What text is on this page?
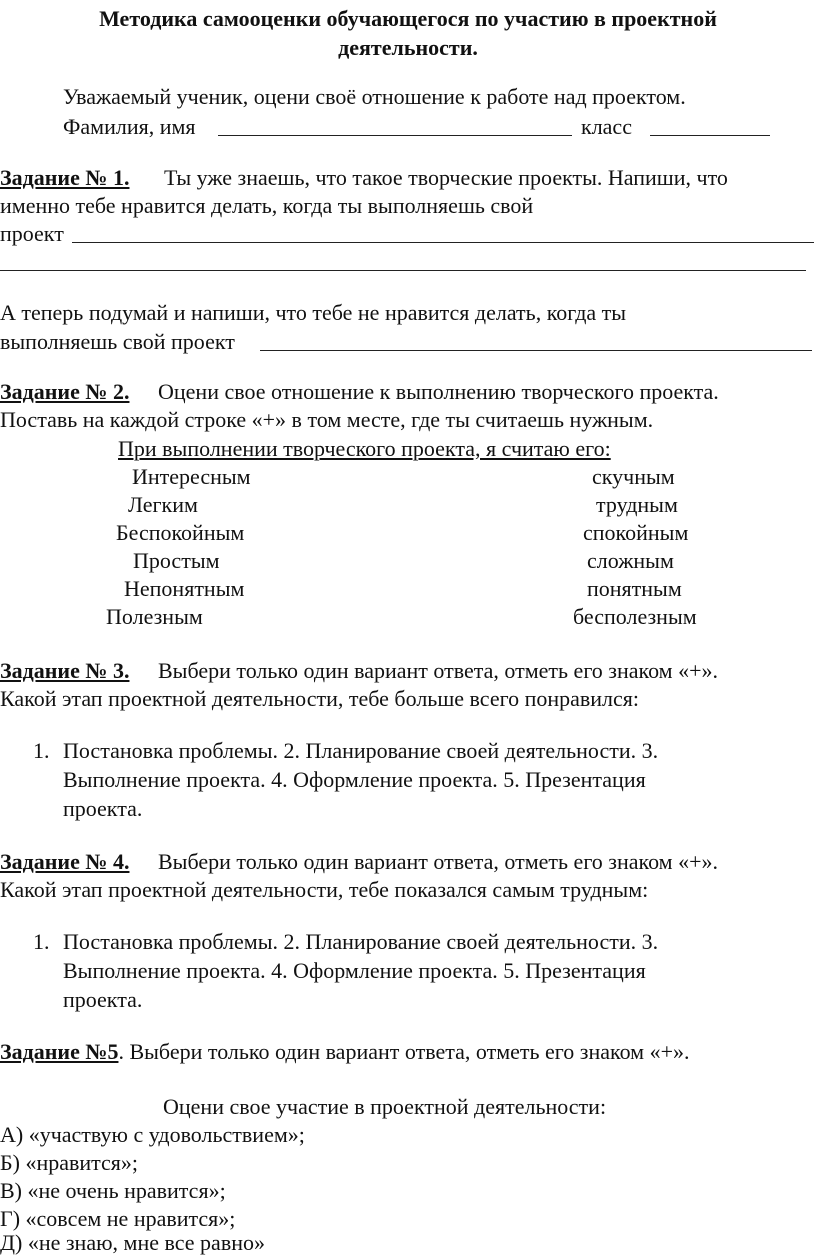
Методика самооценки обучающегося по участию в проектной
деятельности.
Уважаемый ученик, оцени своё отношение к работе над проектом.
Фамилия, имя	класс
Задание № 1. Ты уже знаешь, что такое творческие проекты. Напиши, что
именно тебе нравится делать, когда ты выполняешь свой
проект
А теперь подумай и напиши, что тебе не нравится делать, когда ты
выполняешь свой проект
Задание № 2. Оцени свое отношение к выполнению творческого проекта.
Поставь на каждой строке «+» в том месте, где ты считаешь нужным.
При выполнении творческого проекта, я считаю его:
Интересным	скучным
Легким	трудным
Беспокойным	спокойным
Простым	сложным
Непонятным	понятным
Полезным	бесполезным
Задание № 3. Выбери только один вариант ответа, отметь его знаком «+».
Какой этап проектной деятельности, тебе больше всего понравился:
1. Постановка проблемы. 2. Планирование своей деятельности. 3.
Выполнение проекта. 4. Оформление проекта. 5. Презентация
проекта.
Задание № 4. Выбери только один вариант ответа, отметь его знаком «+».
Какой этап проектной деятельности, тебе показался самым трудным:
1. Постановка проблемы. 2. Планирование своей деятельности. 3.
Выполнение проекта. 4. Оформление проекта. 5. Презентация
проекта.
Задание №5. Выбери только один вариант ответа, отметь его знаком «+».
Оцени свое участие в проектной деятельности:
А) «участвую с удовольствием»;
Б) «нравится»;
В) «не очень нравится»;
Г) «совсем не нравится»;
Д) «не знаю, мне все равно»
